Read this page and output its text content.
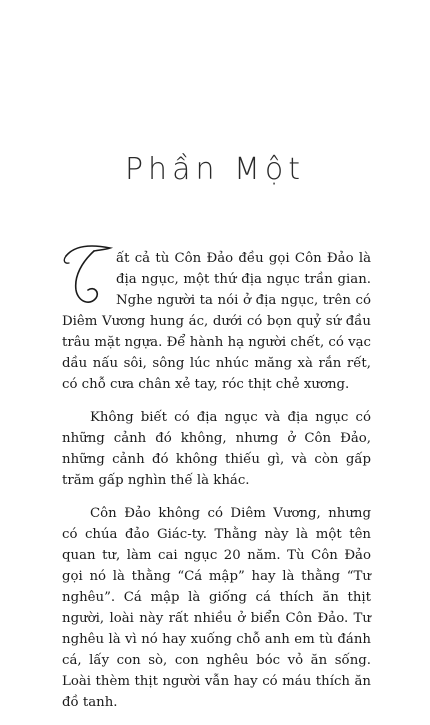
Phần Một

ất cả tù Côn Đảo đều gọi Côn Đảo là địa ngục, một thứ địa ngục trần gian. Nghe người ta nói ở địa ngục, trên có Diêm Vương hung ác, dưới có bọn quỷ sứ đầu trâu mặt ngựa. Để hành hạ người chết, có vạc dầu nấu sôi, sông lúc nhúc măng xà rắn rết, có chỗ cưa chân xẻ tay, róc thịt chẻ xương.

Không biết có địa ngục và địa ngục có những cảnh đó không, nhưng ở Côn Đảo, những cảnh đó không thiếu gì, và còn gấp trăm gấp nghìn thế là khác.

Côn Đảo không có Diêm Vương, nhưng có chúa đảo Giác-ty. Thằng này là một tên quan tư, làm cai ngục 20 năm. Tù Côn Đảo gọi nó là thằng “Cá mập” hay là thằng “Tư nghêu”. Cá mập là giống cá thích ăn thịt người, loài này rất nhiều ở biển Côn Đảo. Tư nghêu là vì nó hay xuống chỗ anh em tù đánh cá, lấy con sò, con nghêu bóc vỏ ăn sống. Loài thèm thịt người vẫn hay có máu thích ăn đồ tanh.
